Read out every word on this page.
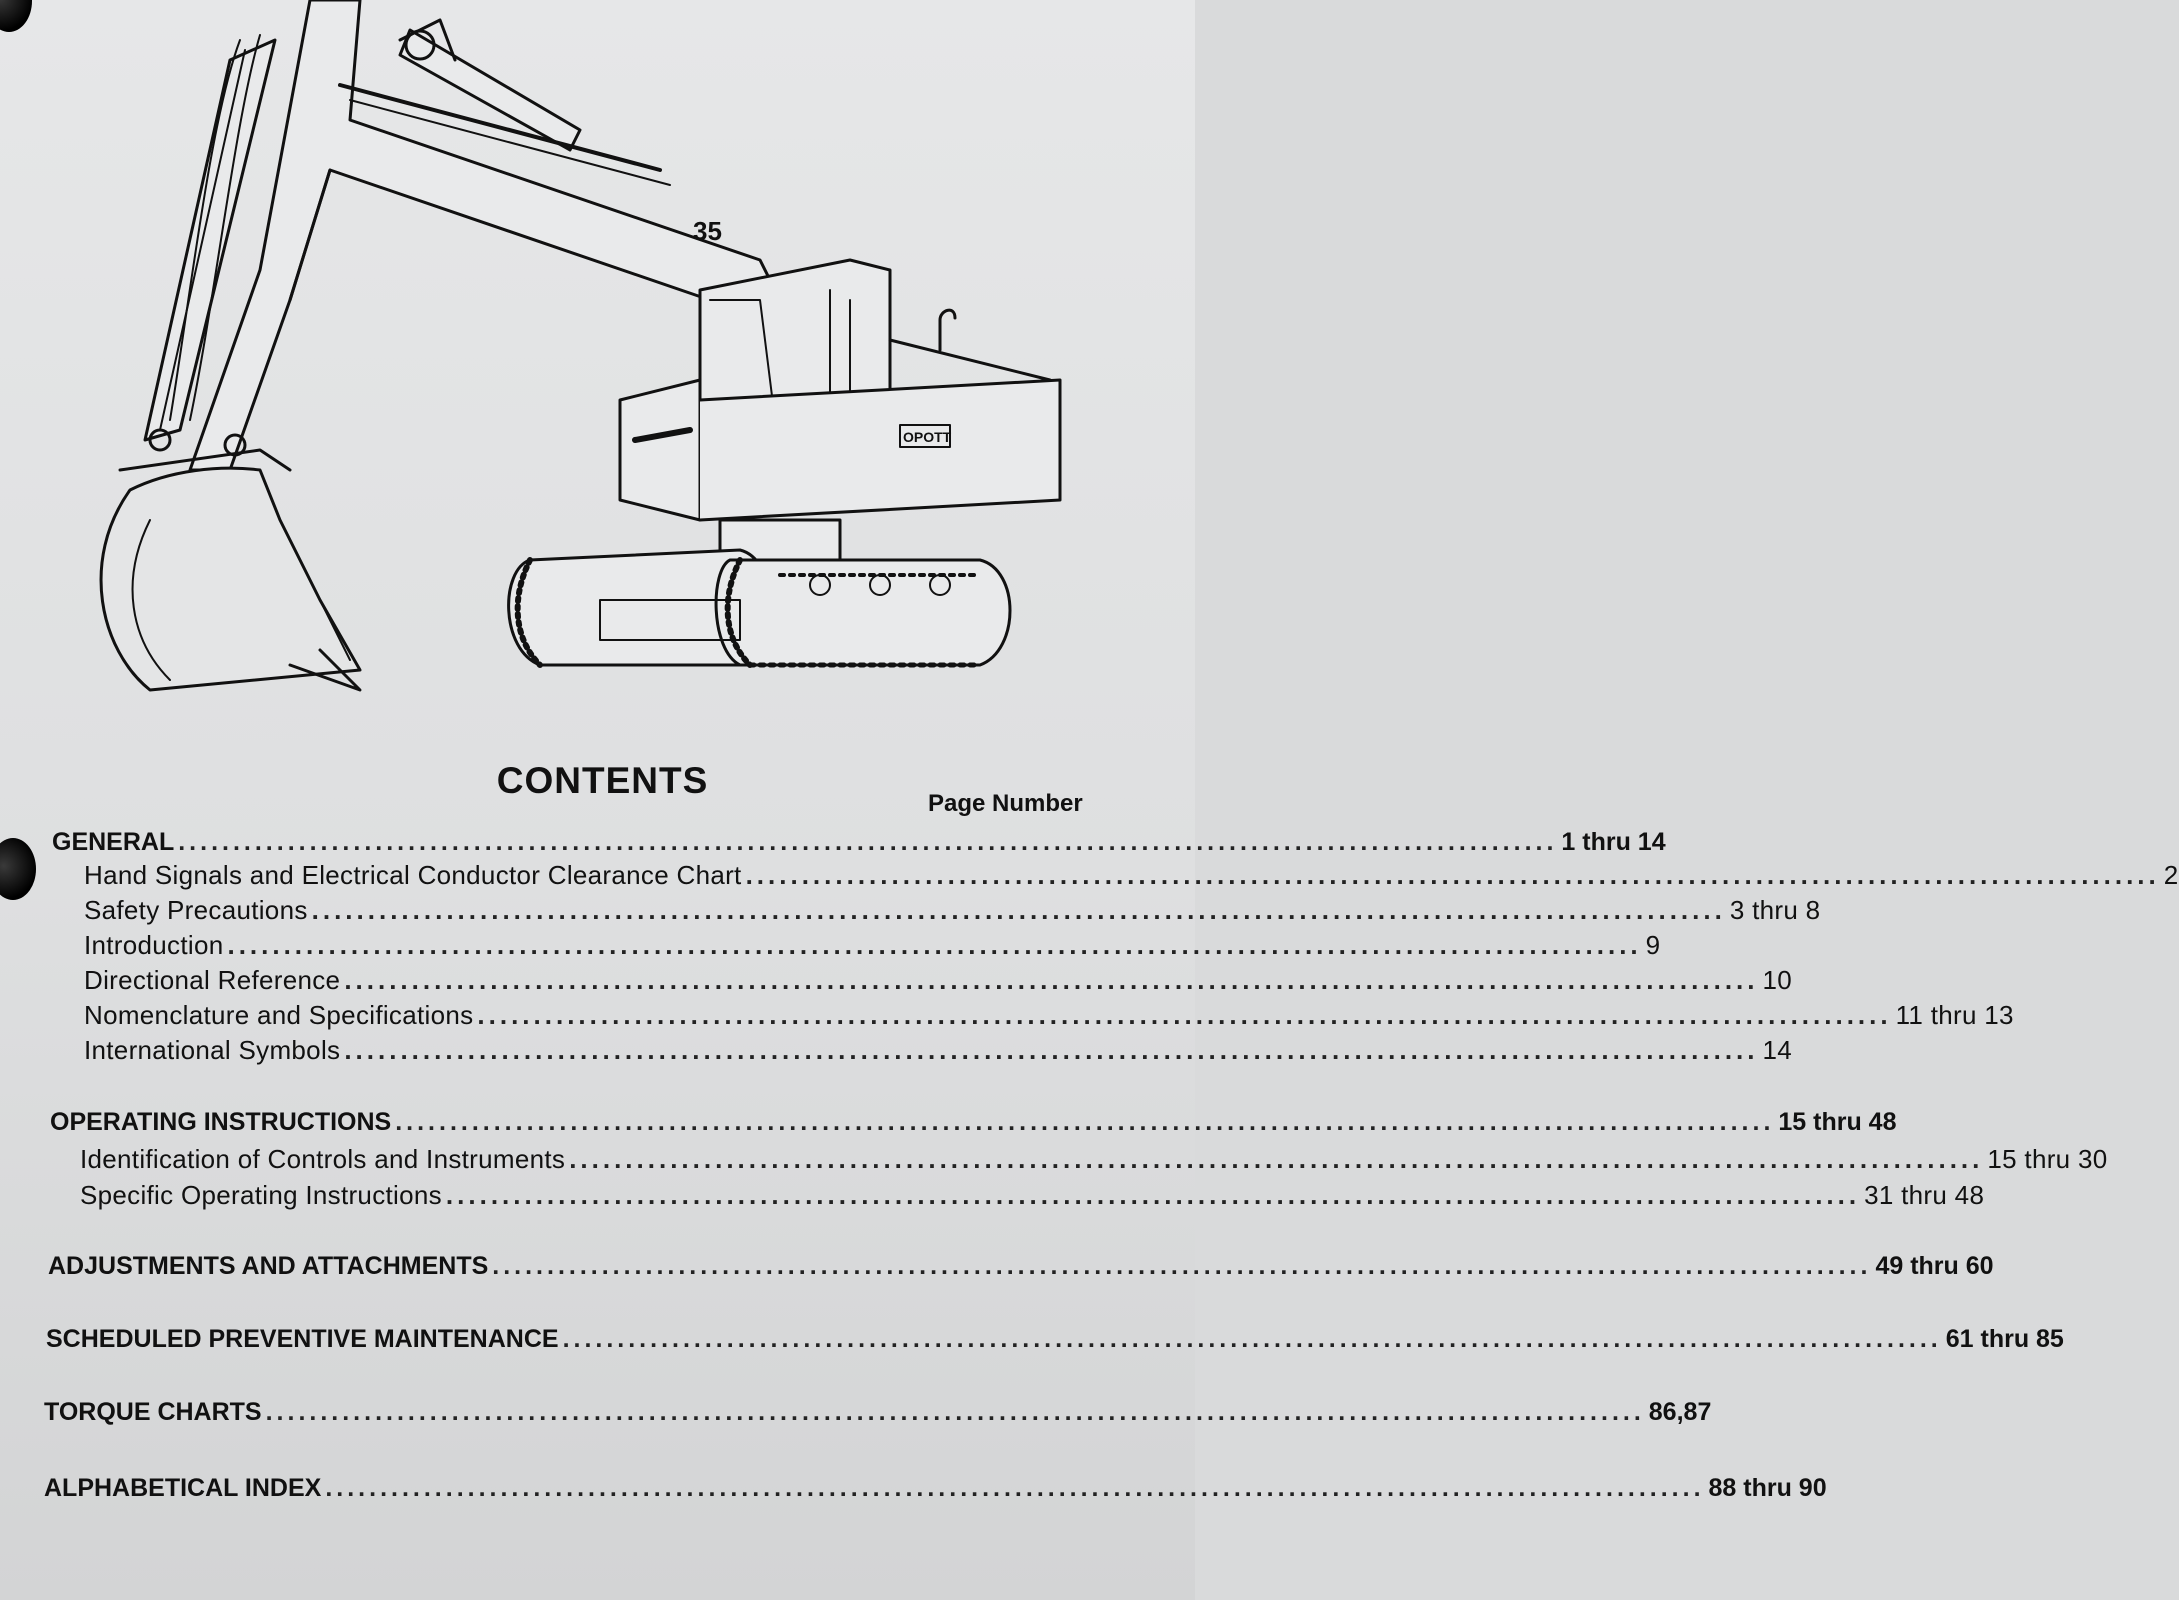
OPOTT
35
CONTENTS
Page Number
GENERAL .............................................................................................................................. 1 thru 14
Hand Signals and Electrical Conductor Clearance Chart .............................................................................................................................. 2
Safety Precautions .............................................................................................................................. 3 thru 8
Introduction .............................................................................................................................. 9
Directional Reference .............................................................................................................................. 10
Nomenclature and Specifications .............................................................................................................................. 11 thru 13
International Symbols .............................................................................................................................. 14
OPERATING INSTRUCTIONS .............................................................................................................................. 15 thru 48
Identification of Controls and Instruments .............................................................................................................................. 15 thru 30
Specific Operating Instructions .............................................................................................................................. 31 thru 48
ADJUSTMENTS AND ATTACHMENTS .............................................................................................................................. 49 thru 60
SCHEDULED PREVENTIVE MAINTENANCE .............................................................................................................................. 61 thru 85
TORQUE CHARTS .............................................................................................................................. 86,87
ALPHABETICAL INDEX .............................................................................................................................. 88 thru 90
